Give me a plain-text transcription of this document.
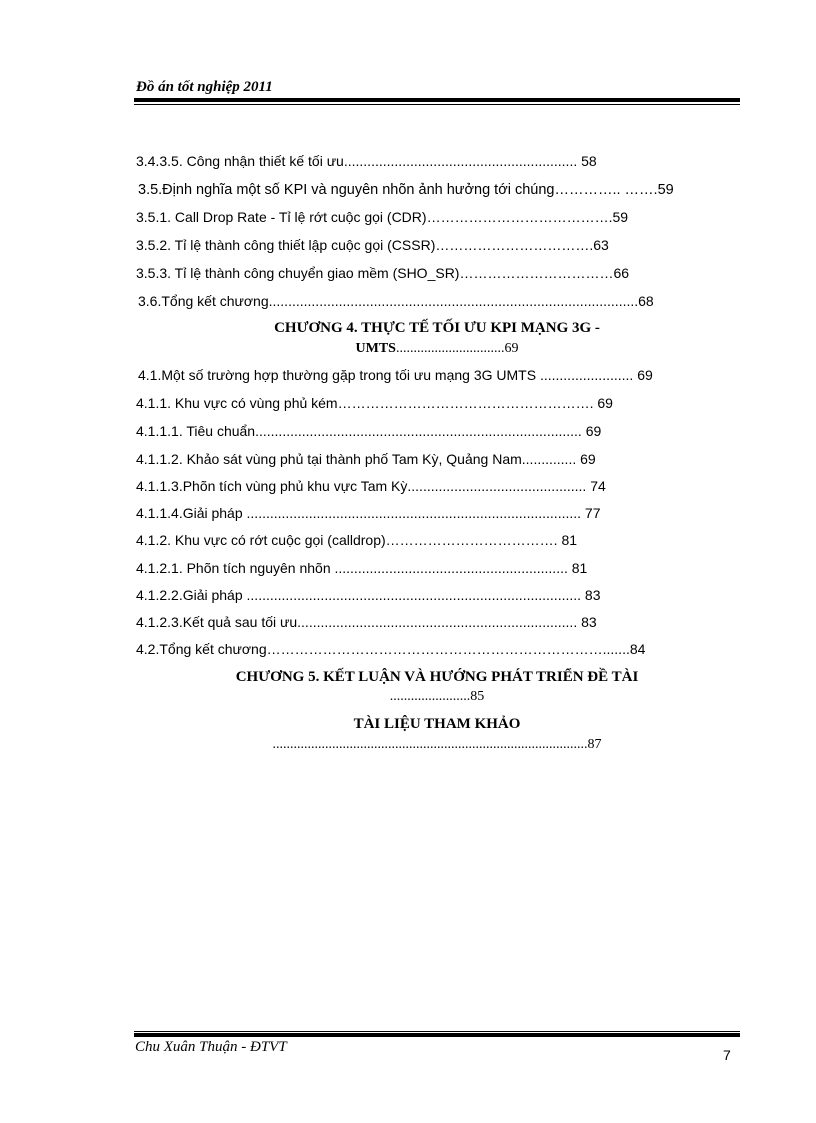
Đồ án tốt nghiệp 2011
3.4.3.5. Công nhận thiết kế tối ưu............................................................ 58
3.5.Định nghĩa một số KPI và nguyên nhõn ảnh hưởng tới chúng………….. …….59
3.5.1. Call Drop Rate - Tỉ lệ rớt cuộc gọi (CDR)………………………………….59
3.5.2. Tỉ lệ thành công thiết lập cuộc gọi (CSSR)…………………………….63
3.5.3. Tỉ lệ thành công chuyển giao mềm (SHO_SR)……………………………66
3.6.Tổng kết chương...............................................................................................68
CHƯƠNG 4. THỰC TẾ TỐI ƯU KPI MẠNG 3G -
UMTS...............................69
4.1.Một số trường hợp thường gặp trong tối ưu mạng 3G UMTS ........................ 69
4.1.1. Khu vực có vùng phủ kém………………………………………………. 69
4.1.1.1. Tiêu chuẩn.................................................................................... 69
4.1.1.2. Khảo sát vùng phủ tại thành phố Tam Kỳ, Quảng Nam.............. 69
4.1.1.3.Phõn tích vùng phủ khu vực Tam Kỳ.............................................. 74
4.1.1.4.Giải pháp ...................................................................................... 77
4.1.2. Khu vực có rớt cuộc gọi (calldrop)………………………………. 81
4.1.2.1. Phõn tích nguyên nhõn ............................................................ 81
4.1.2.2.Giải pháp ...................................................................................... 83
4.1.2.3.Kết quả sau tối ưu........................................................................ 83
4.2.Tổng kết chương……………………………………………………………….......84
CHƯƠNG 5. KẾT LUẬN VÀ HƯỚNG PHÁT TRIỂN ĐỀ TÀI
.......................85
TÀI LIỆU THAM KHẢO
..........................................................................................87
Chu Xuân Thuận - ĐTVT	7
